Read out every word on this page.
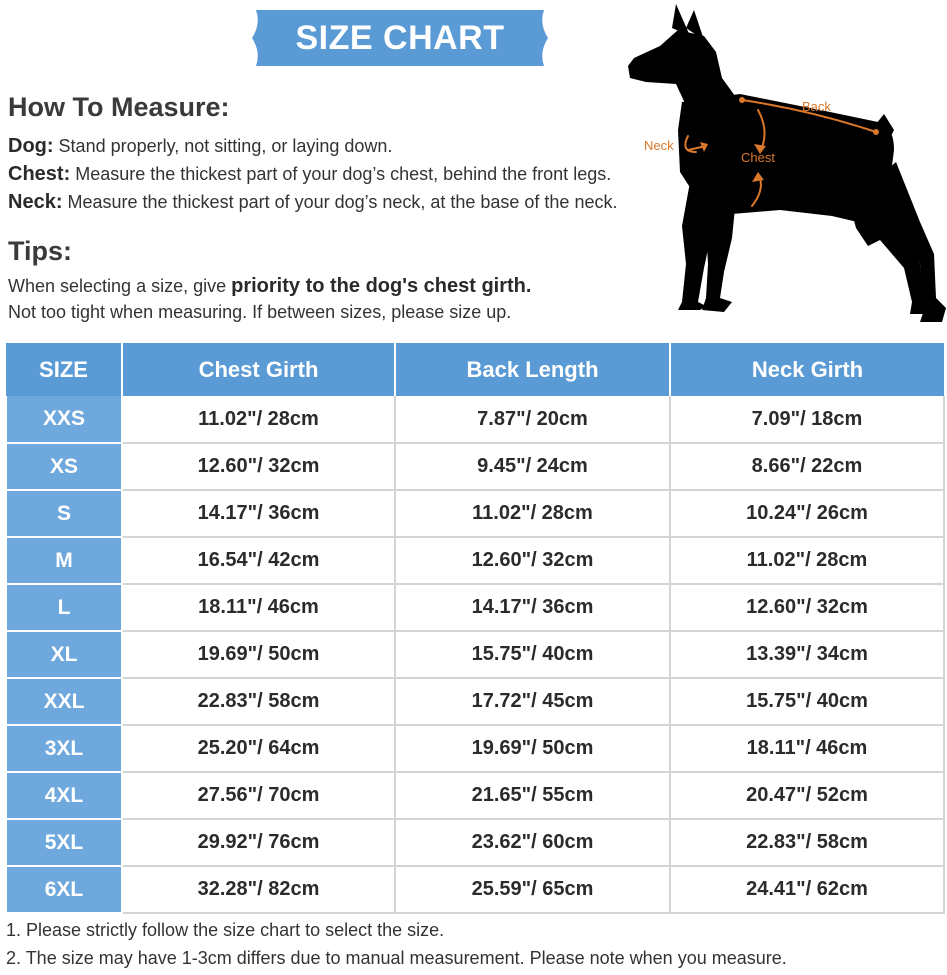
SIZE CHART
How To Measure:
Dog: Stand properly, not sitting, or laying down.
Chest: Measure the thickest part of your dog’s chest, behind the front legs.
Neck: Measure the thickest part of your dog’s neck, at the base of the neck.
Tips:
When selecting a size, give priority to the dog's chest girth.
Not too tight when measuring. If between sizes, please size up.
Back
Neck
Chest
SIZE	Chest Girth	Back Length	Neck Girth
XXS	11.02"/ 28cm	7.87"/ 20cm	7.09"/ 18cm
XS	12.60"/ 32cm	9.45"/ 24cm	8.66"/ 22cm
S	14.17"/ 36cm	11.02"/ 28cm	10.24"/ 26cm
M	16.54"/ 42cm	12.60"/ 32cm	11.02"/ 28cm
L	18.11"/ 46cm	14.17"/ 36cm	12.60"/ 32cm
XL	19.69"/ 50cm	15.75"/ 40cm	13.39"/ 34cm
XXL	22.83"/ 58cm	17.72"/ 45cm	15.75"/ 40cm
3XL	25.20"/ 64cm	19.69"/ 50cm	18.11"/ 46cm
4XL	27.56"/ 70cm	21.65"/ 55cm	20.47"/ 52cm
5XL	29.92"/ 76cm	23.62"/ 60cm	22.83"/ 58cm
6XL	32.28"/ 82cm	25.59"/ 65cm	24.41"/ 62cm
1. Please strictly follow the size chart to select the size.
2. The size may have 1-3cm differs due to manual measurement. Please note when you measure.
